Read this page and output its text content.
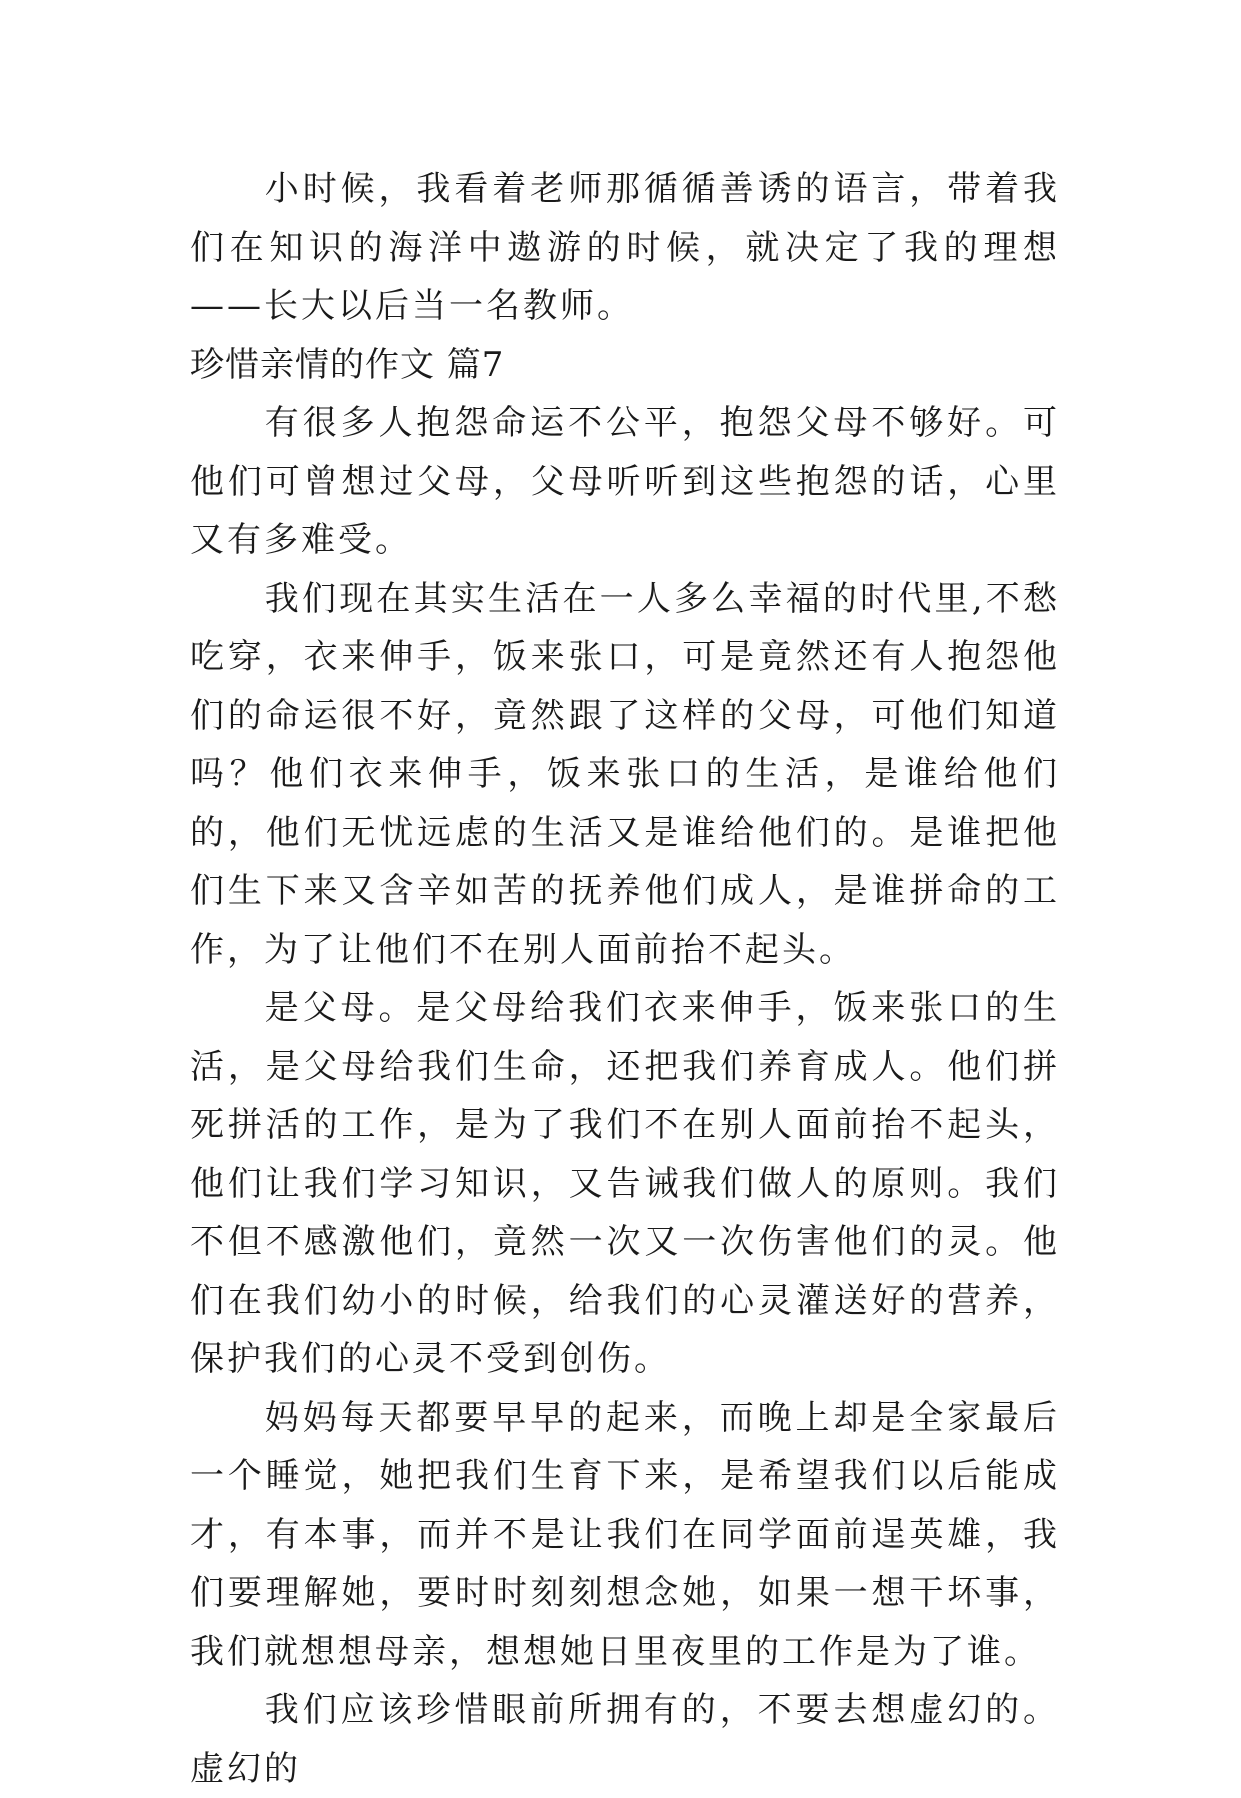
小时候，我看着老师那循循善诱的语言，带着我们在知识的海洋中遨游的时候，就决定了我的理想——长大以后当一名教师。

珍惜亲情的作文 篇7

有很多人抱怨命运不公平，抱怨父母不够好。可他们可曾想过父母，父母听听到这些抱怨的话，心里又有多难受。

我们现在其实生活在一人多么幸福的时代里,不愁吃穿，衣来伸手，饭来张口，可是竟然还有人抱怨他们的命运很不好，竟然跟了这样的父母，可他们知道吗？他们衣来伸手，饭来张口的生活，是谁给他们的，他们无忧远虑的生活又是谁给他们的。是谁把他们生下来又含辛如苦的抚养他们成人，是谁拼命的工作，为了让他们不在别人面前抬不起头。

是父母。是父母给我们衣来伸手，饭来张口的生活，是父母给我们生命，还把我们养育成人。他们拼死拼活的工作，是为了我们不在别人面前抬不起头，他们让我们学习知识，又告诫我们做人的原则。我们不但不感激他们，竟然一次又一次伤害他们的灵。他们在我们幼小的时候，给我们的心灵灌送好的营养，保护我们的心灵不受到创伤。

妈妈每天都要早早的起来，而晚上却是全家最后一个睡觉，她把我们生育下来，是希望我们以后能成才，有本事，而并不是让我们在同学面前逞英雄，我们要理解她，要时时刻刻想念她，如果一想干坏事，我们就想想母亲，想想她日里夜里的工作是为了谁。

我们应该珍惜眼前所拥有的，不要去想虚幻的。虚幻的
